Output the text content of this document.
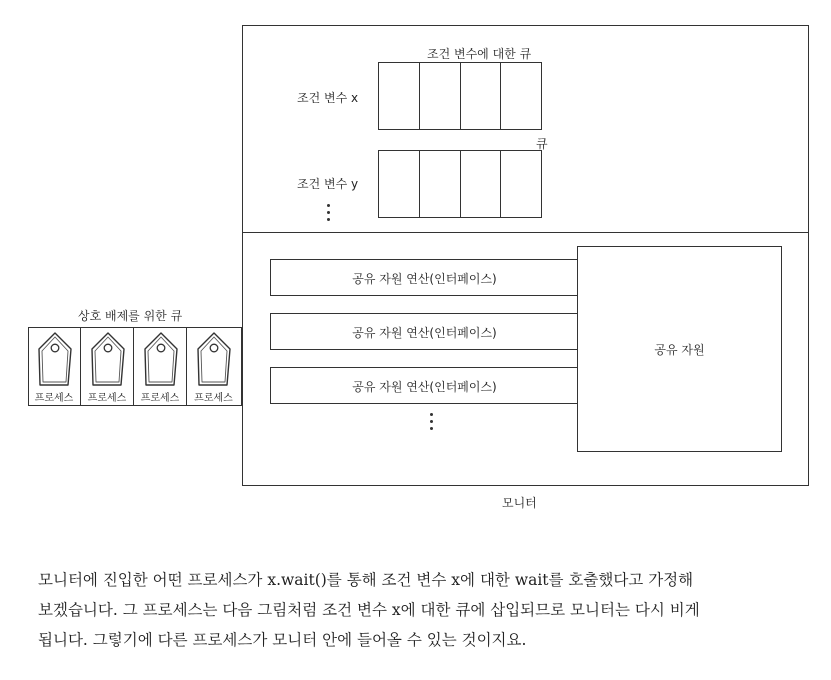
조건 변수에 대한 큐
조건 변수 x
큐
조건 변수 y
공유 자원 연산(인터페이스)
공유 자원 연산(인터페이스)
공유 자원 연산(인터페이스)
공유 자원
상호 배제를 위한 큐
프로세스	프로세스	프로세스	프로세스
모니터

모니터에 진입한 어떤 프로세스가 x.wait()를 통해 조건 변수 x에 대한 wait를 호출했다고 가정해

보겠습니다. 그 프로세스는 다음 그림처럼 조건 변수 x에 대한 큐에 삽입되므로 모니터는 다시 비게

됩니다. 그렇기에 다른 프로세스가 모니터 안에 들어올 수 있는 것이지요.
